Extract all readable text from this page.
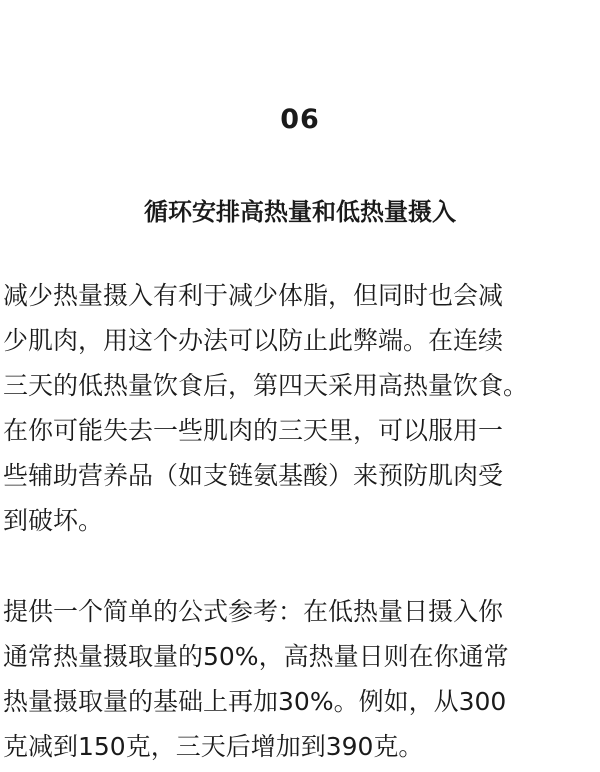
06
循环安排高热量和低热量摄入

减少热量摄入有利于减少体脂，但同时也会减
少肌肉，用这个办法可以防止此弊端。在连续
三天的低热量饮食后，第四天采用高热量饮食。
在你可能失去一些肌肉的三天里，可以服用一
些辅助营养品（如支链氨基酸）来预防肌肉受
到破坏。

提供一个简单的公式参考：在低热量日摄入你
通常热量摄取量的50%，高热量日则在你通常
热量摄取量的基础上再加30%。例如，从300
克减到150克，三天后增加到390克。
